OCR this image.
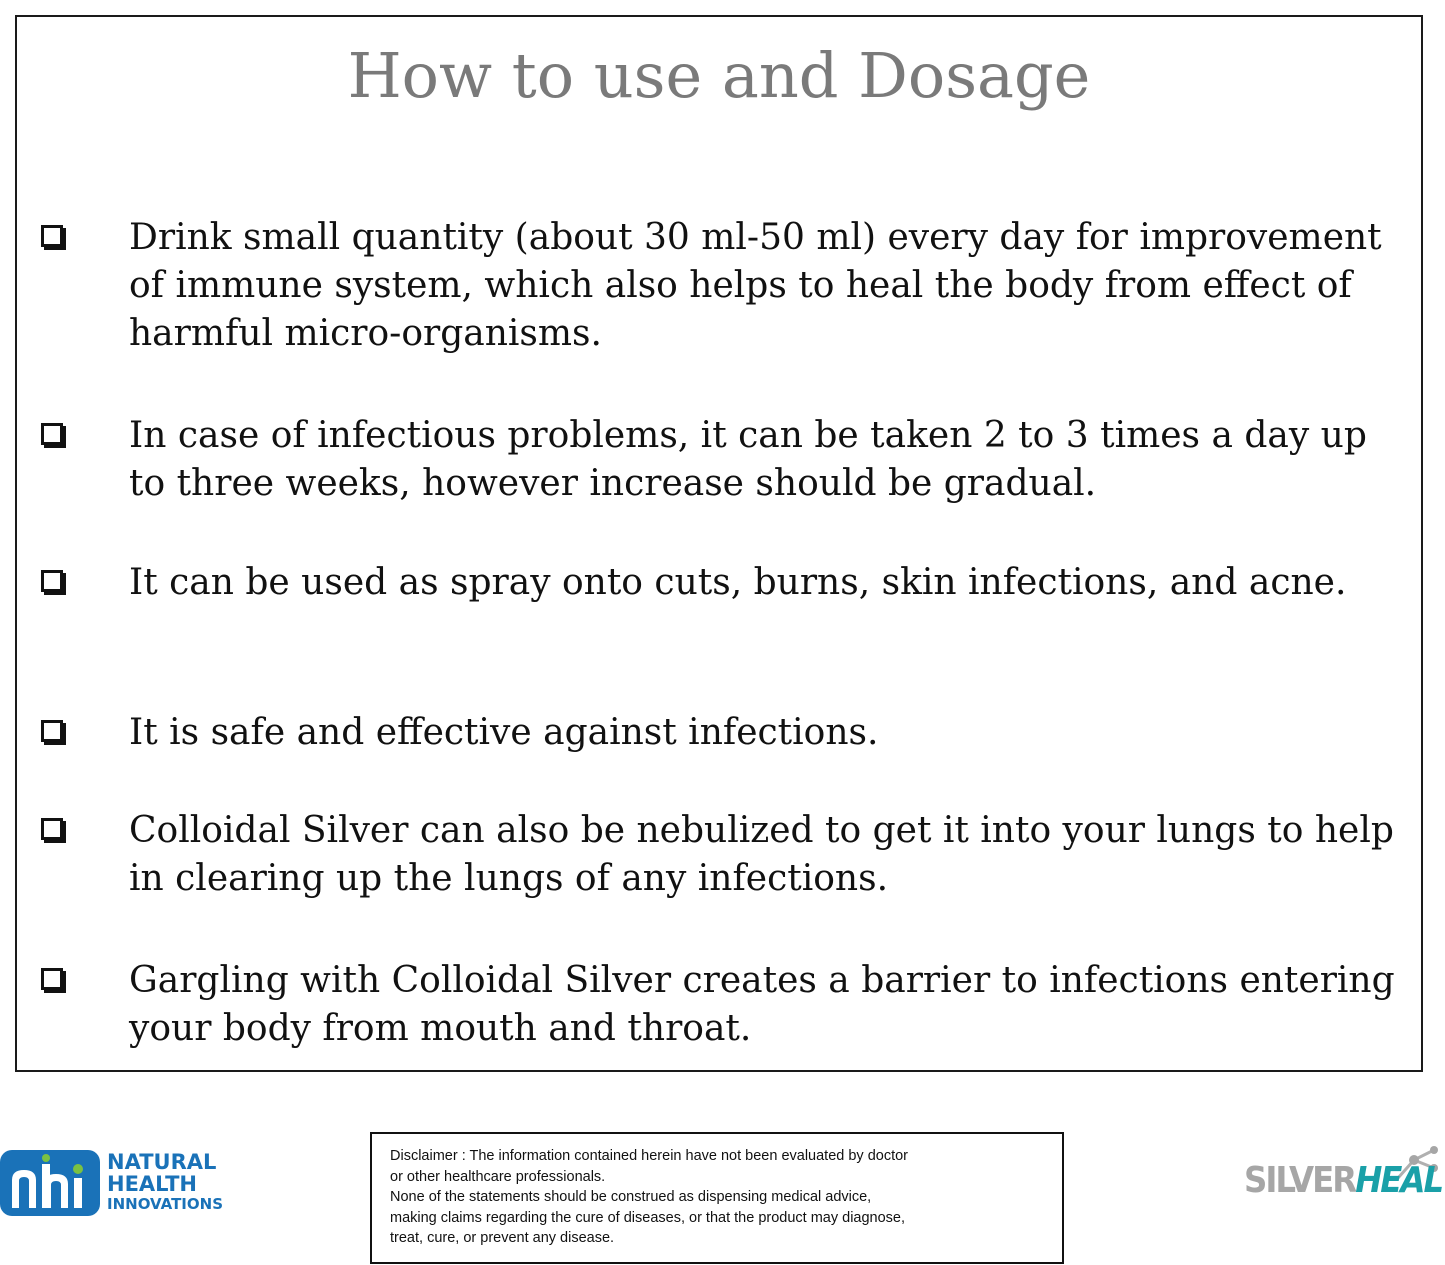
How to use and Dosage
Drink small quantity (about 30 ml-50 ml) every day for improvement of immune system, which also helps to heal the body from effect of harmful micro-organisms.
In case of infectious problems, it can be taken 2 to 3 times a day up to three weeks, however increase should be gradual.
It can be used as spray onto cuts, burns, skin infections, and acne.
It is safe and effective against infections.
Colloidal Silver can also be nebulized to get it into your lungs to help in clearing up the lungs of any infections.
Gargling with Colloidal Silver creates a barrier to infections entering your body from mouth and throat.
NATURAL
HEALTH
INNOVATIONS
Disclaimer : The information contained herein have not been evaluated by doctor
or other healthcare professionals.
None of the statements should be construed as dispensing medical advice,
making claims regarding the cure of diseases, or that the product may diagnose,
treat, cure, or prevent any disease.
SILVERHEAL
